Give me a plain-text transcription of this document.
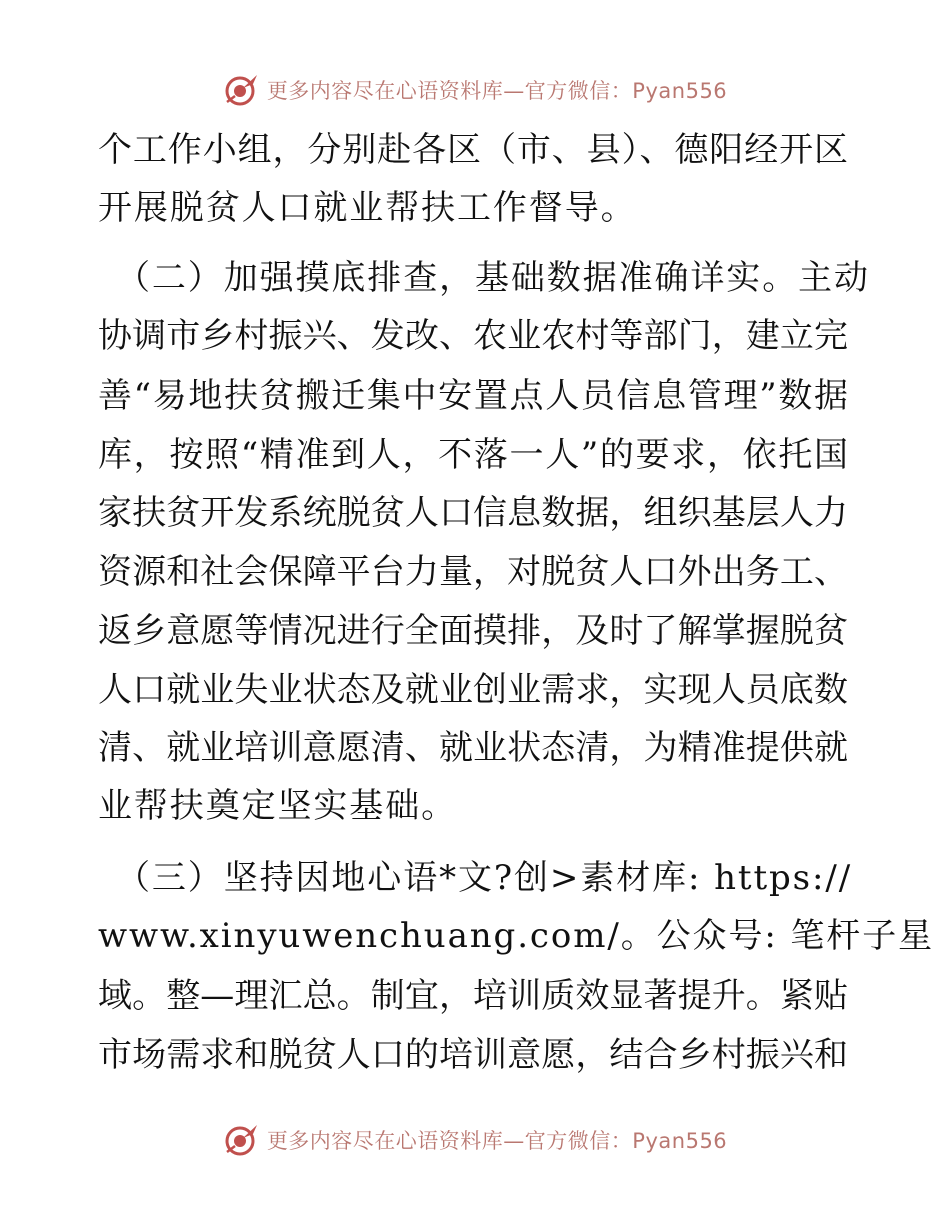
更多内容尽在心语资料库—官方微信：Pyan556
个工作小组，分别赴各区（市、县）、德阳经开区
开展脱贫人口就业帮扶工作督导。
（二）加强摸底排查，基础数据准确详实。主动
协调市乡村振兴、发改、农业农村等部门，建立完
善“易地扶贫搬迁集中安置点人员信息管理”数据
库，按照“精准到人，不落一人”的要求，依托国
家扶贫开发系统脱贫人口信息数据，组织基层人力
资源和社会保障平台力量，对脱贫人口外出务工、
返乡意愿等情况进行全面摸排，及时了解掌握脱贫
人口就业失业状态及就业创业需求，实现人员底数
清、就业培训意愿清、就业状态清，为精准提供就
业帮扶奠定坚实基础。
（三）坚持因地心语*文?创>素材库: https://
www.xinyuwenchuang.com/。公众号: 笔杆子星
域。整—理汇总。制宜，培训质效显著提升。紧贴
市场需求和脱贫人口的培训意愿，结合乡村振兴和
更多内容尽在心语资料库—官方微信：Pyan556
